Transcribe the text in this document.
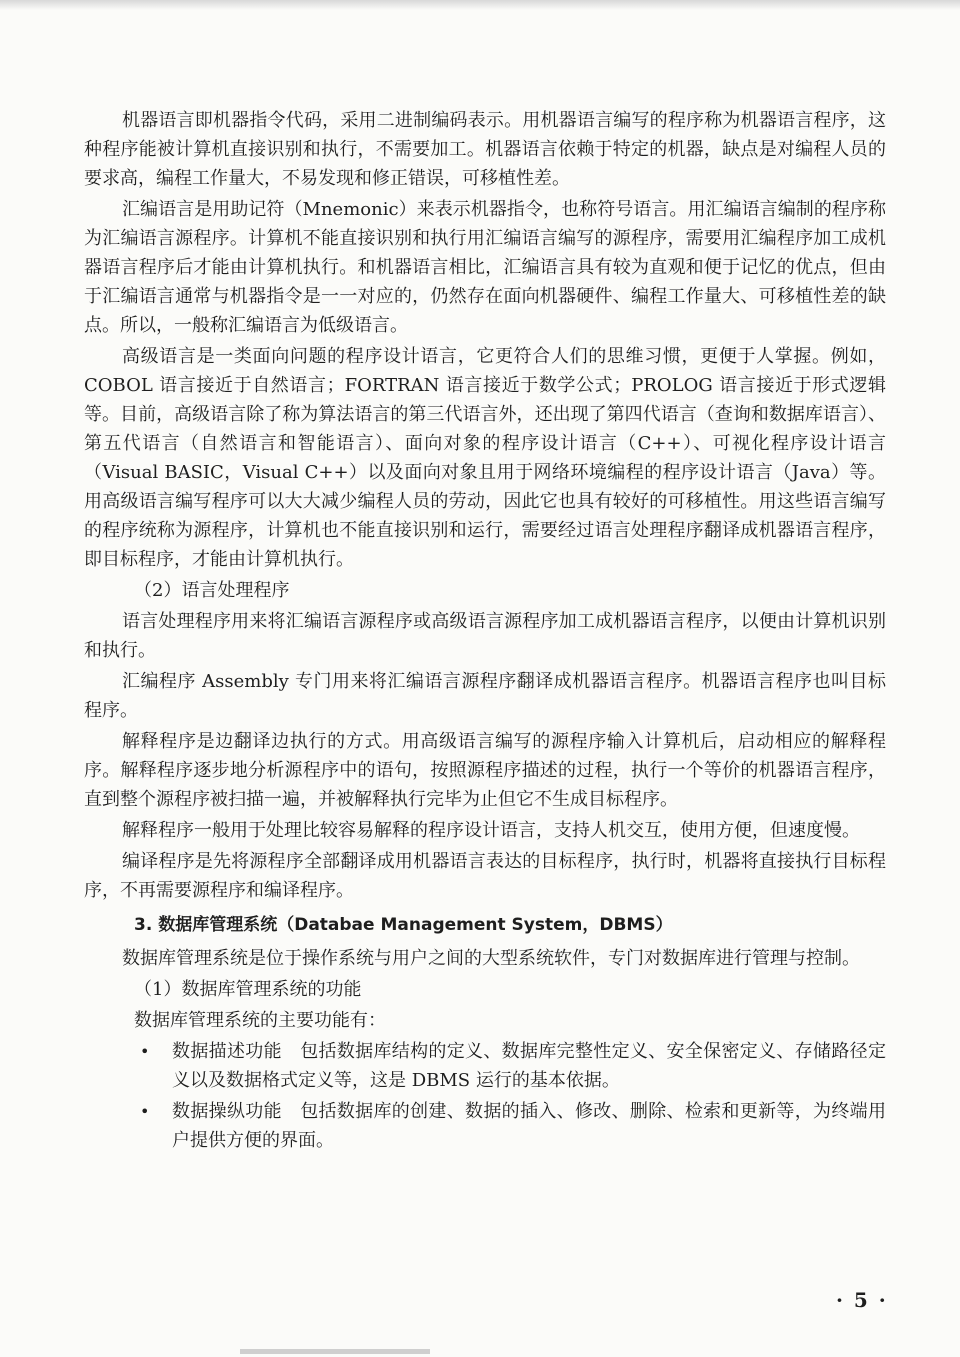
机器语言即机器指令代码，采用二进制编码表示。用机器语言编写的程序称为机器语言程序，这种程序能被计算机直接识别和执行，不需要加工。机器语言依赖于特定的机器，缺点是对编程人员的要求高，编程工作量大，不易发现和修正错误，可移植性差。

汇编语言是用助记符（Mnemonic）来表示机器指令，也称符号语言。用汇编语言编制的程序称为汇编语言源程序。计算机不能直接识别和执行用汇编语言编写的源程序，需要用汇编程序加工成机器语言程序后才能由计算机执行。和机器语言相比，汇编语言具有较为直观和便于记忆的优点，但由于汇编语言通常与机器指令是一一对应的，仍然存在面向机器硬件、编程工作量大、可移植性差的缺点。所以，一般称汇编语言为低级语言。

高级语言是一类面向问题的程序设计语言，它更符合人们的思维习惯，更便于人掌握。例如，COBOL 语言接近于自然语言；FORTRAN 语言接近于数学公式；PROLOG 语言接近于形式逻辑等。目前，高级语言除了称为算法语言的第三代语言外，还出现了第四代语言（查询和数据库语言）、第五代语言（自然语言和智能语言）、面向对象的程序设计语言（C++）、可视化程序设计语言（Visual BASIC，Visual C++）以及面向对象且用于网络环境编程的程序设计语言（Java）等。用高级语言编写程序可以大大减少编程人员的劳动，因此它也具有较好的可移植性。用这些语言编写的程序统称为源程序，计算机也不能直接识别和运行，需要经过语言处理程序翻译成机器语言程序，即目标程序，才能由计算机执行。

（2）语言处理程序

语言处理程序用来将汇编语言源程序或高级语言源程序加工成机器语言程序，以便由计算机识别和执行。

汇编程序 Assembly 专门用来将汇编语言源程序翻译成机器语言程序。机器语言程序也叫目标程序。

解释程序是边翻译边执行的方式。用高级语言编写的源程序输入计算机后，启动相应的解释程序。解释程序逐步地分析源程序中的语句，按照源程序描述的过程，执行一个等价的机器语言程序，直到整个源程序被扫描一遍，并被解释执行完毕为止但它不生成目标程序。

解释程序一般用于处理比较容易解释的程序设计语言，支持人机交互，使用方便，但速度慢。

编译程序是先将源程序全部翻译成用机器语言表达的目标程序，执行时，机器将直接执行目标程序，不再需要源程序和编译程序。

3. 数据库管理系统（Databae Management System，DBMS）

数据库管理系统是位于操作系统与用户之间的大型系统软件，专门对数据库进行管理与控制。

（1）数据库管理系统的功能

数据库管理系统的主要功能有：

• 数据描述功能　包括数据库结构的定义、数据库完整性定义、安全保密定义、存储路径定义以及数据格式定义等，这是 DBMS 运行的基本依据。
• 数据操纵功能　包括数据库的创建、数据的插入、修改、删除、检索和更新等，为终端用户提供方便的界面。
· 5 ·
